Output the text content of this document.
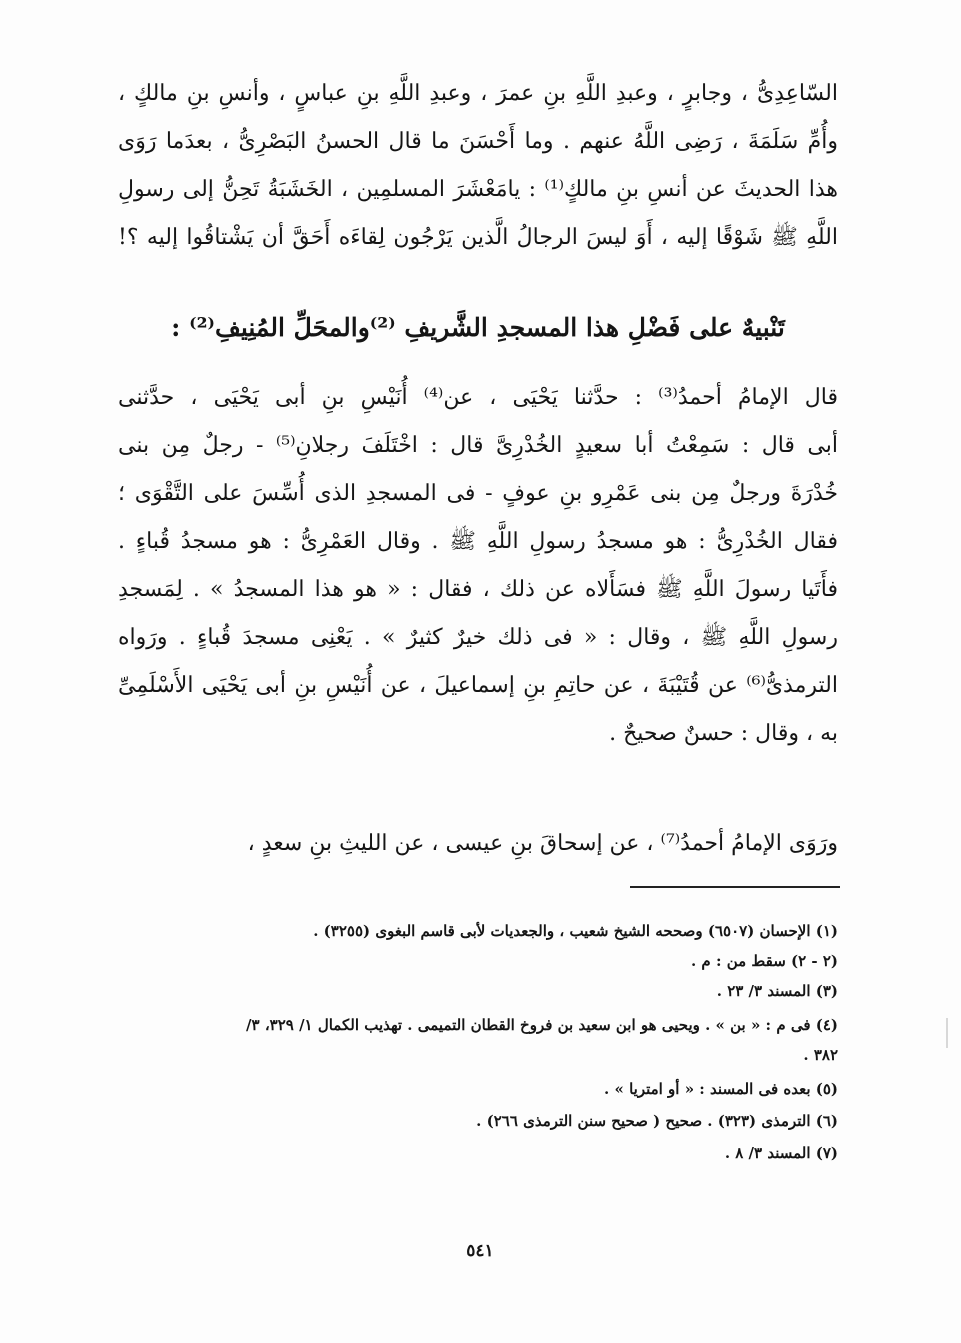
السّاعِدِىُّ ، وجابرٍ ، وعبدِ اللَّهِ بنِ عمرَ ، وعبدِ اللَّهِ بنِ عباسٍ ، وأنسِ بنِ مالكٍ ،
وأُمِّ سَلَمَةَ ، رَضِى اللَّهُ عنهم . وما أَحْسَنَ ما قال الحسنُ البَصْرِىُّ ، بعدَما رَوَى
هذا الحديثَ عن أنسِ بنِ مالكٍ⁽¹⁾ : يامَعْشَرَ المسلمِين ، الخَشَبَةُ تَحِنُّ إلى رسولِ
اللَّهِ ﷺ شَوْقًا إليه ، أَوَ ليسَ الرجالُ الَّذين يَرْجُون لِقاءَه أَحَقَّ أن يَشْتاقُوا إليه ؟!
تَنْبيهٌ على فَضْلِ هذا المسجدِ الشَّريفِ ⁽²⁾والمحَلِّ المُنِيفِ⁽²⁾ :
قال الإمامُ أحمدُ⁽³⁾ : حدَّثنا يَحْيَى ، عن⁽⁴⁾ أُنَيْسِ بنِ أبى يَحْيَى ، حدَّثنى
أبى قال : سَمِعْتُ أبا سعيدٍ الخُدْرِىَّ قال : اخْتَلَفَ رجلانِ⁽⁵⁾ - رجلٌ مِن بنى
خُدْرَةَ ورجلٌ مِن بنى عَمْرِو بنِ عوفٍ - فى المسجدِ الذى أُسِّسَ على التَّقْوَى ؛
فقال الخُدْرِىُّ : هو مسجدُ رسولِ اللَّهِ ﷺ . وقال العَمْرِىُّ : هو مسجدُ قُباءٍ .
فأَتَيا رسولَ اللَّهِ ﷺ فسَأَلاه عن ذلك ، فقال : « هو هذا المسجدُ » . لِمَسجدِ
رسولِ اللَّهِ ﷺ ، وقال : « فى ذلك خيرٌ كثيرٌ » . يَعْنِى مسجدَ قُباءٍ . ورَواه
الترمذىُّ⁽⁶⁾ عن قُتَيْبَةَ ، عن حاتِمِ بنِ إسماعيلَ ، عن أُنَيْسِ بنِ أبى يَحْيَى الأَسْلَمِىِّ
به ، وقال : حسنٌ صحيحٌ .
ورَوَى الإمامُ أحمدُ⁽⁷⁾ ، عن إسحاقَ بنِ عيسى ، عن الليثِ بنِ سعدٍ ،
(١) الإحسان (٦٥٠٧) وصححه الشيخ شعيب ، والجعديات لأبى قاسم البغوى (٣٢٥٥) .
(٢ - ٢) سقط من : م .
(٣) المسند ٣/ ٢٣ .
(٤) فى م : « بن » . ويحيى هو ابن سعيد بن فروخ القطان التميمى . تهذيب الكمال ١/ ٣٢٩، ٣/
٣٨٢ .
(٥) بعده فى المسند : « أو امتريا » .
(٦) الترمذى (٣٢٣) . صحيح ( صحيح سنن الترمذى ٢٦٦) .
(٧) المسند ٣/ ٨ .
٥٤١
